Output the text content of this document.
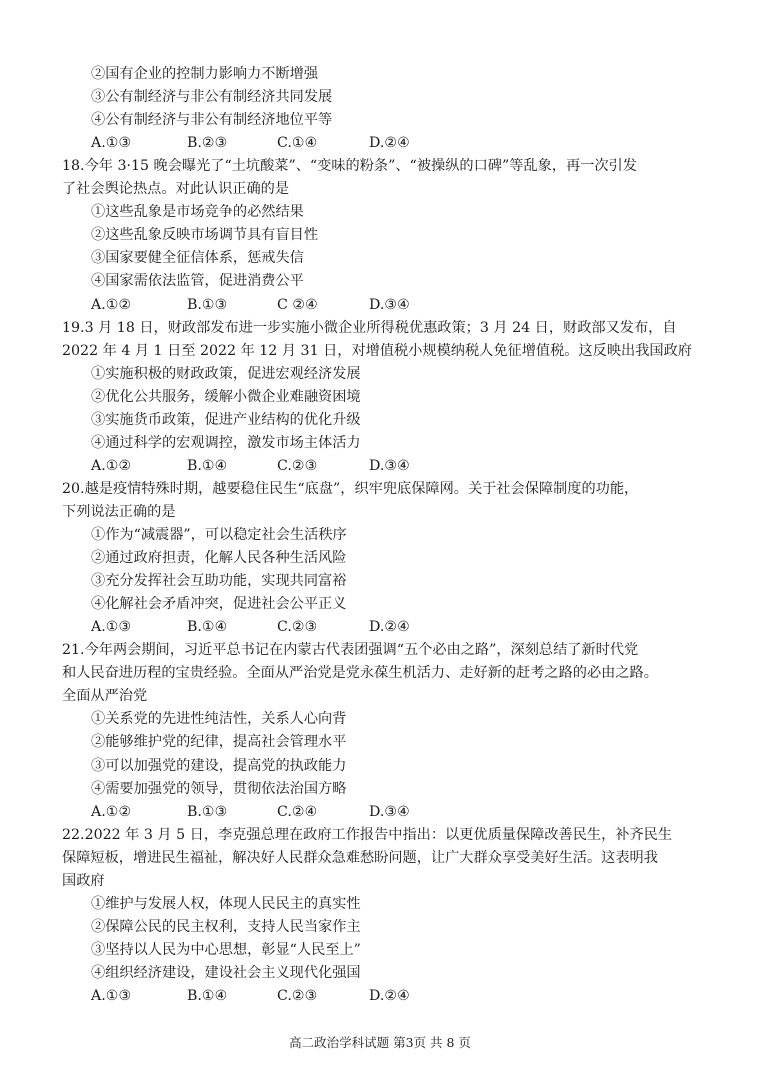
②国有企业的控制力影响力不断增强
③公有制经济与非公有制经济共同发展
④公有制经济与非公有制经济地位平等
A.①③	B.②③	C.①④	D.②④
18.今年 3·15 晚会曝光了“土坑酸菜”、“变味的粉条”、“被操纵的口碑”等乱象，再一次引发
了社会舆论热点。对此认识正确的是
①这些乱象是市场竞争的必然结果
②这些乱象反映市场调节具有盲目性
③国家要健全征信体系，惩戒失信
④国家需依法监管，促进消费公平
A.①②	B.①③	C ②④	D.③④
19.3 月 18 日，财政部发布进一步实施小微企业所得税优惠政策；3 月 24 日，财政部又发布，自
2022 年 4 月 1 日至 2022 年 12 月 31 日，对增值税小规模纳税人免征增值税。这反映出我国政府
①实施积极的财政政策，促进宏观经济发展
②优化公共服务，缓解小微企业难融资困境
③实施货币政策，促进产业结构的优化升级
④通过科学的宏观调控，激发市场主体活力
A.①②	B.①④	C.②③	D.③④
20.越是疫情特殊时期，越要稳住民生“底盘”，织牢兜底保障网。关于社会保障制度的功能，
下列说法正确的是
①作为“减震器”，可以稳定社会生活秩序
②通过政府担责，化解人民各种生活风险
③充分发挥社会互助功能，实现共同富裕
④化解社会矛盾冲突，促进社会公平正义
A.①③	B.①④	C.②③	D.②④
21.今年两会期间，习近平总书记在内蒙古代表团强调“五个必由之路”，深刻总结了新时代党
和人民奋进历程的宝贵经验。全面从严治党是党永葆生机活力、走好新的赶考之路的必由之路。
全面从严治党
①关系党的先进性纯洁性，关系人心向背
②能够维护党的纪律，提高社会管理水平
③可以加强党的建设，提高党的执政能力
④需要加强党的领导，贯彻依法治国方略
A.①②	B.①③	C.②④	D.③④
22.2022 年 3 月 5 日，李克强总理在政府工作报告中指出：以更优质量保障改善民生，补齐民生
保障短板，增进民生福祉，解决好人民群众急难愁盼问题，让广大群众享受美好生活。这表明我
国政府
①维护与发展人权，体现人民民主的真实性
②保障公民的民主权利，支持人民当家作主
③坚持以人民为中心思想，彰显“人民至上”
④组织经济建设，建设社会主义现代化强国
A.①③	B.①④	C.②③	D.②④
高二政治学科试题 第3页 共 8 页
